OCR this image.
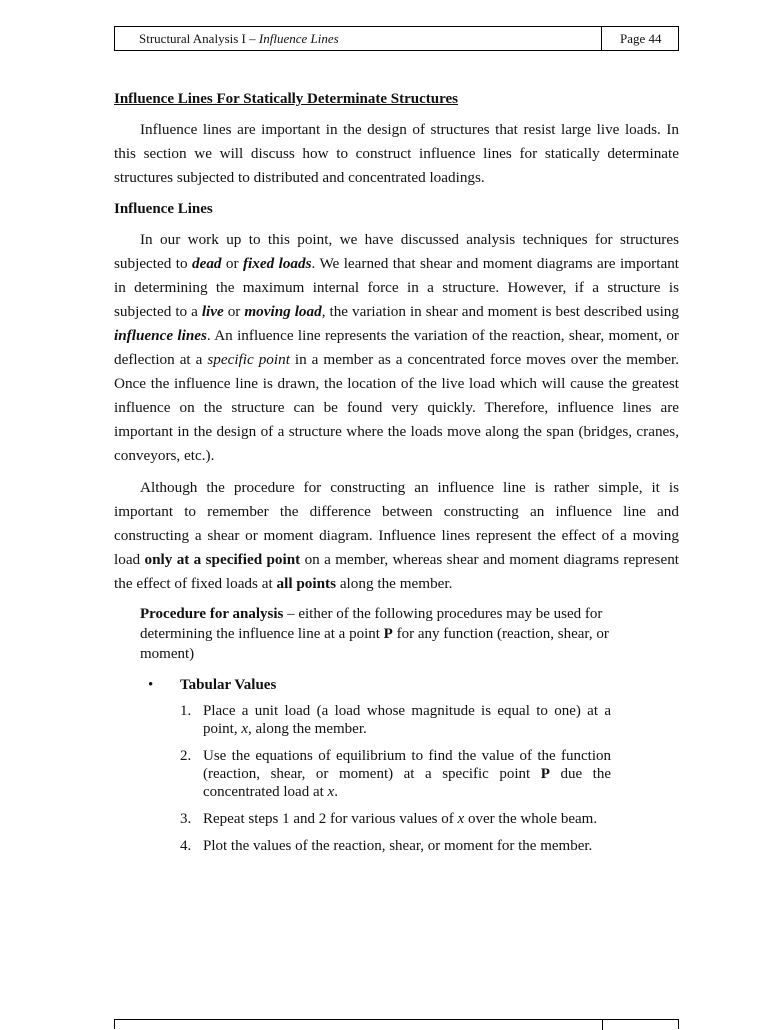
Structural Analysis I – Influence Lines	Page 44
Influence Lines For Statically Determinate Structures

Influence lines are important in the design of structures that resist large live loads. In this section we will discuss how to construct influence lines for statically determinate structures subjected to distributed and concentrated loadings.

Influence Lines

In our work up to this point, we have discussed analysis techniques for structures subjected to dead or fixed loads. We learned that shear and moment diagrams are important in determining the maximum internal force in a structure. However, if a structure is subjected to a live or moving load, the variation in shear and moment is best described using influence lines. An influence line represents the variation of the reaction, shear, moment, or deflection at a specific point in a member as a concentrated force moves over the member. Once the influence line is drawn, the location of the live load which will cause the greatest influence on the structure can be found very quickly. Therefore, influence lines are important in the design of a structure where the loads move along the span (bridges, cranes, conveyors, etc.).

Although the procedure for constructing an influence line is rather simple, it is important to remember the difference between constructing an influence line and constructing a shear or moment diagram. Influence lines represent the effect of a moving load only at a specified point on a member, whereas shear and moment diagrams represent the effect of fixed loads at all points along the member.

Procedure for analysis – either of the following procedures may be used for determining the influence line at a point P for any function (reaction, shear, or moment)
•	Tabular Values
1. Place a unit load (a load whose magnitude is equal to one) at a point, x, along the member.
2. Use the equations of equilibrium to find the value of the function (reaction, shear, or moment) at a specific point P due the concentrated load at x.
3. Repeat steps 1 and 2 for various values of x over the whole beam.
4. Plot the values of the reaction, shear, or moment for the member.
